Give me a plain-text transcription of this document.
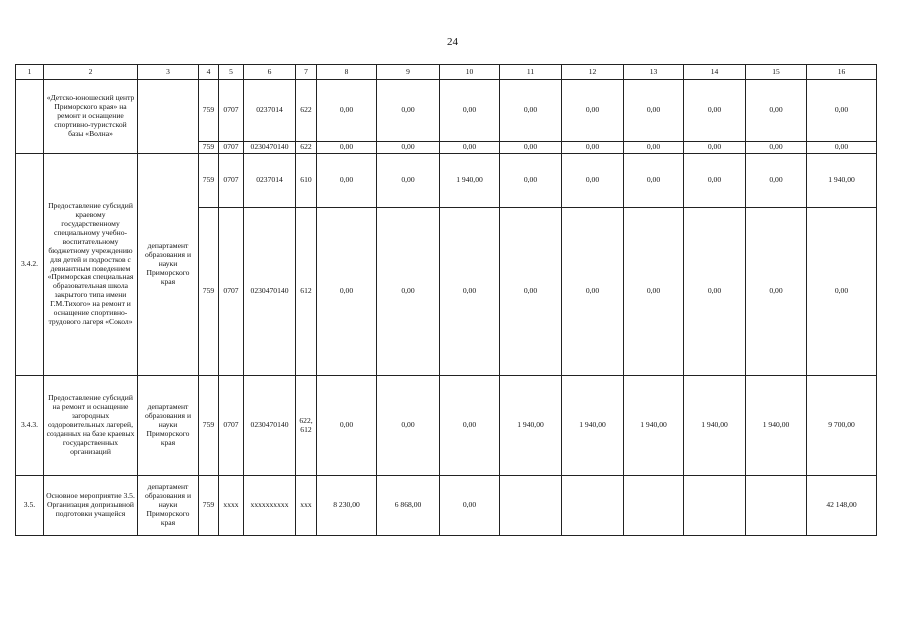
24
1	2	3	4	5	6	7	8	9	10	11	12	13	14	15	16
	«Детско-юношеский центр Приморского края» на ремонт и оснащение спортивно-туристской базы «Волна»		759	0707	0237014	622	0,00	0,00	0,00	0,00	0,00	0,00	0,00	0,00	0,00
			759	0707	0230470140	622	0,00	0,00	0,00	0,00	0,00	0,00	0,00	0,00	0,00
3.4.2.	Предоставление субсидий краевому государственному специальному учебно-воспитательному бюджетному учреждению для детей и подростков с девиантным поведением «Приморская специальная образовательная школа закрытого типа имени Г.М.Тихого» на ремонт и оснащение спортивно-трудового лагеря «Сокол»	департамент образования и науки Приморского края	759	0707	0237014	610	0,00	0,00	1 940,00	0,00	0,00	0,00	0,00	0,00	1 940,00
			759	0707	0230470140	612	0,00	0,00	0,00	0,00	0,00	0,00	0,00	0,00	0,00
3.4.3.	Предоставление субсидий на ремонт и оснащение загородных оздоровительных лагерей, созданных на базе краевых государственных организаций	департамент образования и науки Приморского края	759	0707	0230470140	622, 612	0,00	0,00	0,00	1 940,00	1 940,00	1 940,00	1 940,00	1 940,00	9 700,00
3.5.	Основное мероприятие 3.5. Организация допризывной подготовки учащейся	департамент образования и науки Приморского края	759	хххх	хххххххххх	ххх	8 230,00	6 868,00	0,00						42 148,00
